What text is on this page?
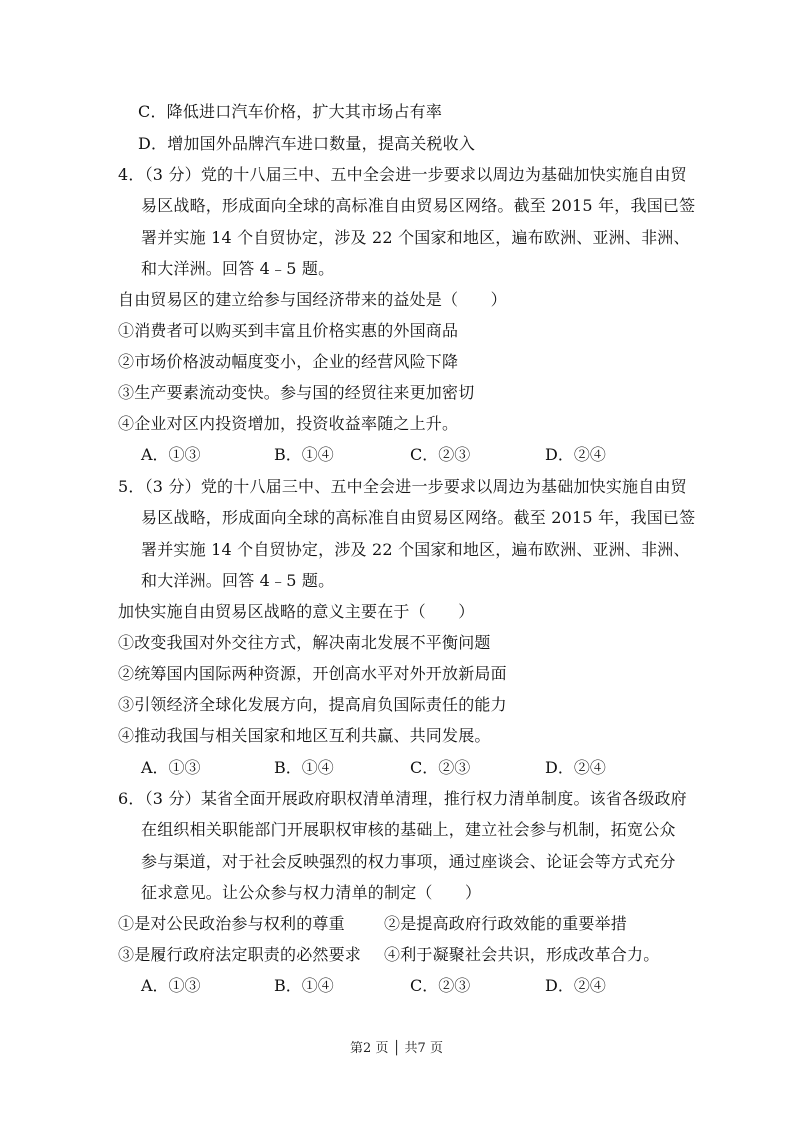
C．降低进口汽车价格，扩大其市场占有率
D．增加国外品牌汽车进口数量，提高关税收入
4．（3 分）党的十八届三中、五中全会进一步要求以周边为基础加快实施自由贸
易区战略，形成面向全球的高标准自由贸易区网络。截至 2015 年，我国已签
署并实施 14 个自贸协定，涉及 22 个国家和地区，遍布欧洲、亚洲、非洲、
和大洋洲。回答 4﹣5 题。
自由贸易区的建立给参与国经济带来的益处是（　　）
①消费者可以购买到丰富且价格实惠的外国商品
②市场价格波动幅度变小，企业的经营风险下降
③生产要素流动变快。参与国的经贸往来更加密切
④企业对区内投资增加，投资收益率随之上升。
A．①③	B．①④	C．②③	D．②④
5．（3 分）党的十八届三中、五中全会进一步要求以周边为基础加快实施自由贸
易区战略，形成面向全球的高标准自由贸易区网络。截至 2015 年，我国已签
署并实施 14 个自贸协定，涉及 22 个国家和地区，遍布欧洲、亚洲、非洲、
和大洋洲。回答 4﹣5 题。
加快实施自由贸易区战略的意义主要在于（　　）
①改变我国对外交往方式，解决南北发展不平衡问题
②统筹国内国际两种资源，开创高水平对外开放新局面
③引领经济全球化发展方向，提高肩负国际责任的能力
④推动我国与相关国家和地区互利共赢、共同发展。
A．①③	B．①④	C．②③	D．②④
6．（3 分）某省全面开展政府职权清单清理，推行权力清单制度。该省各级政府
在组织相关职能部门开展职权审核的基础上，建立社会参与机制，拓宽公众
参与渠道，对于社会反映强烈的权力事项，通过座谈会、论证会等方式充分
征求意见。让公众参与权力清单的制定（　　）
①是对公民政治参与权利的尊重 ②是提高政府行政效能的重要举措
③是履行政府法定职责的必然要求 ④利于凝聚社会共识，形成改革合力。
A．①③	B．①④	C．②③	D．②④
第2 页 │ 共7 页
